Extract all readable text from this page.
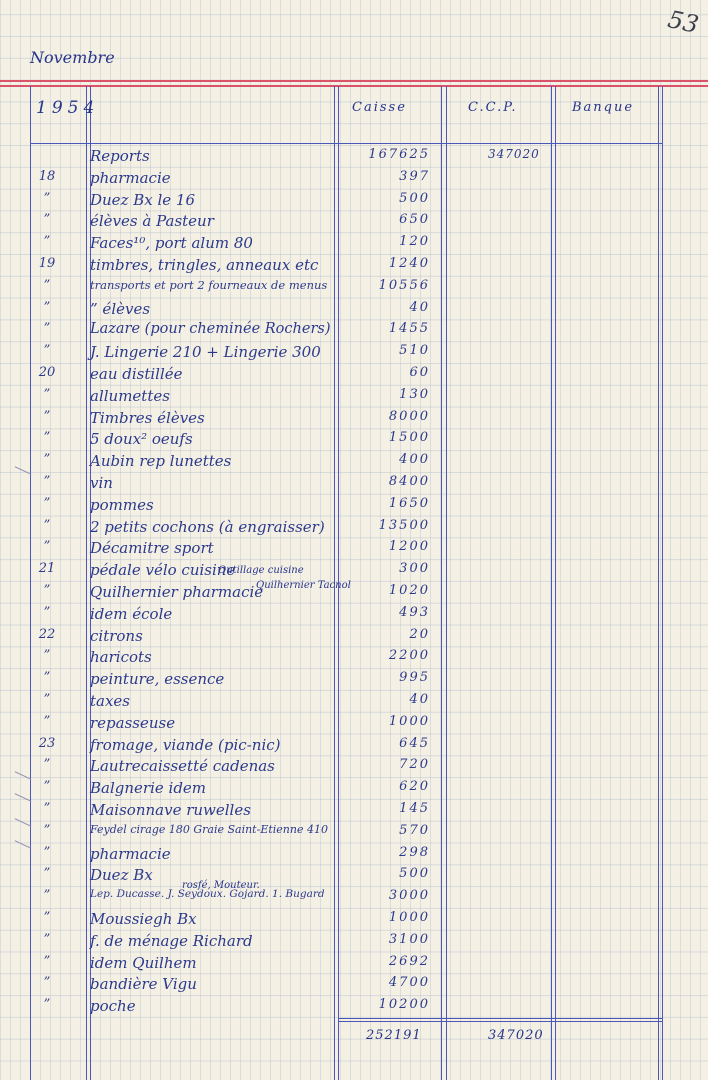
53
Novembre
1954	Caisse	C.C.P.	Banque
Reports	167625	347020
18 pharmacie	397
”	Duez Bx le 16	500
”	élèves à Pasteur	650
”	Faces¹⁰, port alum 80	120
19 timbres, tringles, anneaux etc	1240
”	transports et port 2 fourneaux de menus	10556
”	” élèves	40
”	Lazare (pour cheminée Rochers)	1455
”	J. Lingerie 210 + Lingerie 300	510
20 eau distillée	60
”	allumettes	130
”	Timbres élèves	8000
”	5 doux² oeufs	1500
”	Aubin rep lunettes	400
”	vin	8400
”	pommes	1650
”	2 petits cochons (à engraisser)	13500
”	Décamitre sport	1200
21 pédale vélo cuisine	300
”	Quilhernier pharmacie	1020
”	idem école	493
22 citrons	20
”	haricots	2200
”	peinture, essence	995
”	taxes	40
”	repasseuse	1000
23 fromage, viande (pic-nic)	645
”	Lautrecaissetté cadenas	720
”	Balgnerie idem	620
”	Maisonnave ruwelles	145
”	Feydel cirage 180 Graie Saint-Etienne 410	570
”	pharmacie	298
”	Duez Bx	500
”	Lep. Ducasse. J. Seydoux. Gojard. 1. Bugard	3000
”	Moussiegh Bx	1000
”	f. de ménage Richard	3100
”	idem Quilhem	2692
”	bandière Vigu	4700
”	poche	10200
Outillage cuisine
Quilhernier Tacnol
rosfé, Mouteur.
252191	347020
